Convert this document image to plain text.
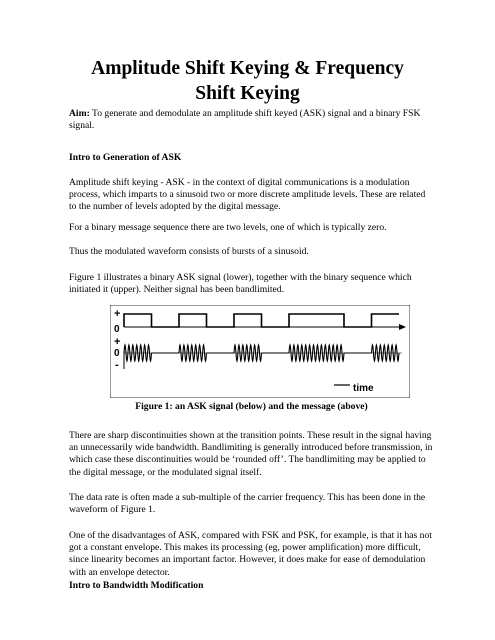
Amplitude Shift Keying & Frequency Shift Keying

Aim: To generate and demodulate an amplitude shift keyed (ASK) signal and a binary FSK signal.

Intro to Generation of ASK

Amplitude shift keying - ASK - in the context of digital communications is a modulation process, which imparts to a sinusoid two or more discrete amplitude levels. These are related to the number of levels adopted by the digital message.

For a binary message sequence there are two levels, one of which is typically zero.

Thus the modulated waveform consists of bursts of a sinusoid.

Figure 1 illustrates a binary ASK signal (lower), together with the binary sequence which initiated it (upper). Neither signal has been bandlimited.

+
0
+
0
-
time

Figure 1: an ASK signal (below) and the message (above)

There are sharp discontinuities shown at the transition points. These result in the signal having an unnecessarily wide bandwidth. Bandlimiting is generally introduced before transmission, in which case these discontinuities would be ‘rounded off’. The bandlimiting may be applied to the digital message, or the modulated signal itself.

The data rate is often made a sub-multiple of the carrier frequency. This has been done in the waveform of Figure 1.

One of the disadvantages of ASK, compared with FSK and PSK, for example, is that it has not got a constant envelope. This makes its processing (eg, power amplification) more difficult, since linearity becomes an important factor. However, it does make for ease of demodulation with an envelope detector.

Intro to Bandwidth Modification
